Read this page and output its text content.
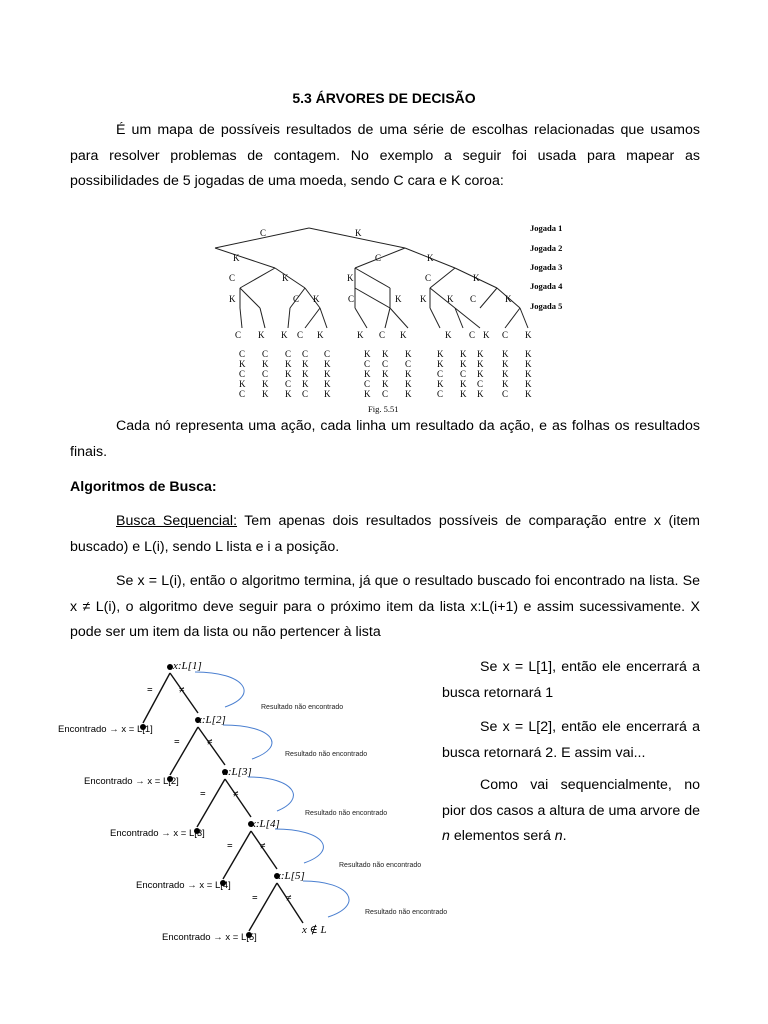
5.3 ÁRVORES DE DECISÃO
É um mapa de possíveis resultados de uma série de escolhas relacionadas que usamos para resolver problemas de contagem. No exemplo a seguir foi usada para mapear as possibilidades de 5 jogadas de uma moeda, sendo C cara e K coroa:
C	K
K	C	K
C	K	K	C	K
K	C K	C	K K K C	K
C K K C K	K C K	K C K C K
C
K
C
K
C
C
K
C
K
K
C
K
K
C
K
C
K
K
K
C
C
K
K
K
K
K
C
K
C
K
K
C
K
K
C
K
C
K
K
K
K
K
C
K
C
K
K
C
K
K
K
K
K
C
K
K
K
K
K
C
K
K
K
K
K
Jogada 1
Jogada 2
Jogada 3
Jogada 4
Jogada 5
Fig. 5.51
Cada nó representa uma ação, cada linha um resultado da ação, e as folhas os resultados finais.
Algoritmos de Busca:
Busca Sequencial: Tem apenas dois resultados possíveis de comparação entre x (item buscado) e L(i), sendo L lista e i a posição.
Se x = L(i), então o algoritmo termina, já que o resultado buscado foi encontrado na lista. Se x ≠ L(i), o algoritmo deve seguir para o próximo item da lista x:L(i+1) e assim sucessivamente. X pode ser um item da lista ou não pertencer à lista
x:L[1]
x:L[2]
x:L[3]
x:L[4]
x:L[5]
x ∉ L
=	≠
=	≠
=	≠
=	≠
=	≠
Encontrado → x = L[1]
Encontrado → x = L[2]
Encontrado → x = L[3]
Encontrado → x = L[4]
Encontrado → x = L[5]
Resultado não encontrado
Resultado não encontrado
Resultado não encontrado
Resultado não encontrado
Resultado não encontrado
Se x = L[1], então ele encerrará a busca retornará 1
Se x = L[2], então ele encerrará a busca retornará 2. E assim vai...
Como vai sequencialmente, no pior dos casos a altura de uma arvore de n elementos será n.
